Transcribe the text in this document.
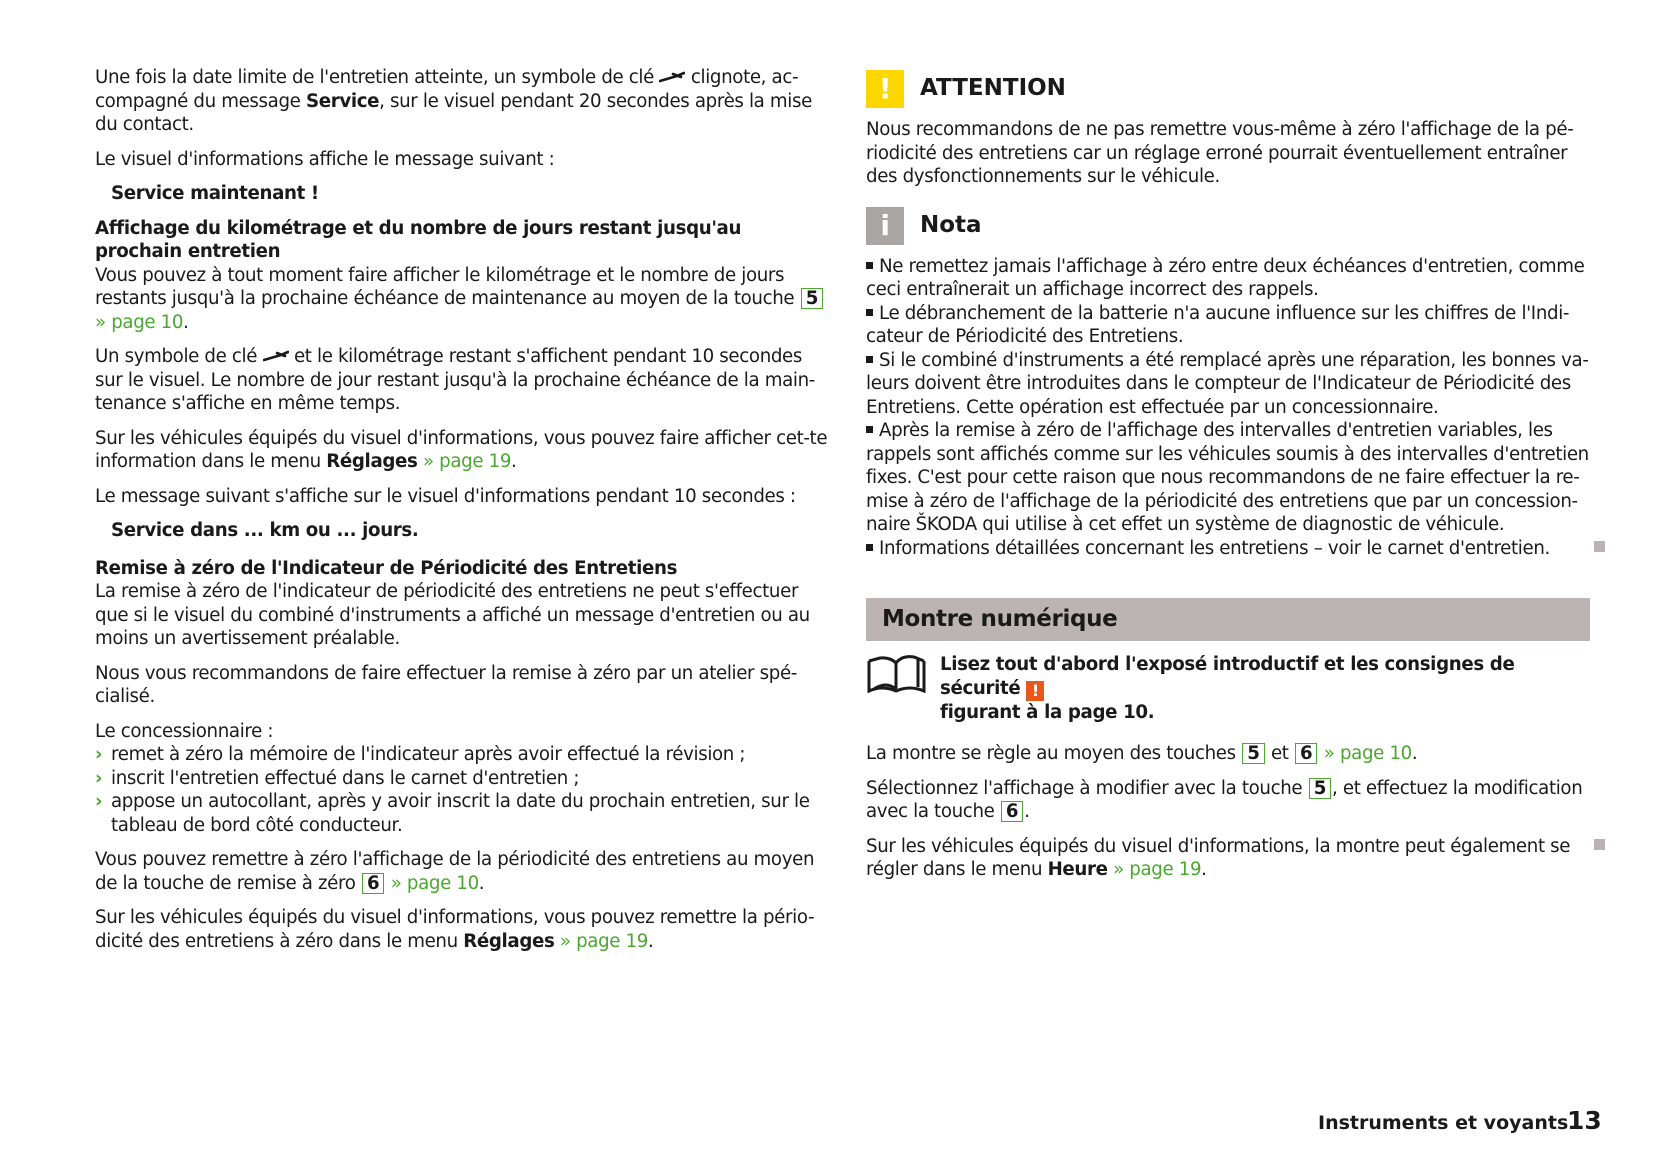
Une fois la date limite de l'entretien atteinte, un symbole de clé clignote, ac-compagné du message Service, sur le visuel pendant 20 secondes après la mise du contact.

Le visuel d'informations affiche le message suivant :

Service maintenant !

Affichage du kilométrage et du nombre de jours restant jusqu'au prochain entretien

Vous pouvez à tout moment faire afficher le kilométrage et le nombre de jours restants jusqu'à la prochaine échéance de maintenance au moyen de la touche 5 » page 10.

Un symbole de clé et le kilométrage restant s'affichent pendant 10 secondes sur le visuel. Le nombre de jour restant jusqu'à la prochaine échéance de la main-tenance s'affiche en même temps.

Sur les véhicules équipés du visuel d'informations, vous pouvez faire afficher cet-te information dans le menu Réglages » page 19.

Le message suivant s'affiche sur le visuel d'informations pendant 10 secondes :

Service dans ... km ou ... jours.

Remise à zéro de l'Indicateur de Périodicité des Entretiens

La remise à zéro de l'indicateur de périodicité des entretiens ne peut s'effectuer que si le visuel du combiné d'instruments a affiché un message d'entretien ou au moins un avertissement préalable.

Nous vous recommandons de faire effectuer la remise à zéro par un atelier spé-cialisé.

Le concessionnaire :

› remet à zéro la mémoire de l'indicateur après avoir effectué la révision ;
› inscrit l'entretien effectué dans le carnet d'entretien ;
› appose un autocollant, après y avoir inscrit la date du prochain entretien, sur le tableau de bord côté conducteur.

Vous pouvez remettre à zéro l'affichage de la périodicité des entretiens au moyen de la touche de remise à zéro 6 » page 10.

Sur les véhicules équipés du visuel d'informations, vous pouvez remettre la pério-dicité des entretiens à zéro dans le menu Réglages » page 19.

!	ATTENTION

Nous recommandons de ne pas remettre vous-même à zéro l'affichage de la pé-riodicité des entretiens car un réglage erroné pourrait éventuellement entraîner des dysfonctionnements sur le véhicule.

i	Nota
Ne remettez jamais l'affichage à zéro entre deux échéances d'entretien, comme ceci entraînerait un affichage incorrect des rappels.
Le débranchement de la batterie n'a aucune influence sur les chiffres de l'Indi-cateur de Périodicité des Entretiens.
Si le combiné d'instruments a été remplacé après une réparation, les bonnes va-leurs doivent être introduites dans le compteur de l'Indicateur de Périodicité des Entretiens. Cette opération est effectuée par un concessionnaire.
Après la remise à zéro de l'affichage des intervalles d'entretien variables, les rappels sont affichés comme sur les véhicules soumis à des intervalles d'entretien fixes. C'est pour cette raison que nous recommandons de ne faire effectuer la re-mise à zéro de l'affichage de la périodicité des entretiens que par un concession-naire ŠKODA qui utilise à cet effet un système de diagnostic de véhicule.
Informations détaillées concernant les entretiens – voir le carnet d'entretien.
Montre numérique
Lisez tout d'abord l'exposé introductif et les consignes de sécurité !
figurant à la page 10.

La montre se règle au moyen des touches 5 et 6 » page 10.

Sélectionnez l'affichage à modifier avec la touche 5 , et effectuez la modification avec la touche 6 .

Sur les véhicules équipés du visuel d'informations, la montre peut également se régler dans le menu Heure » page 19.

Instruments et voyants
13
